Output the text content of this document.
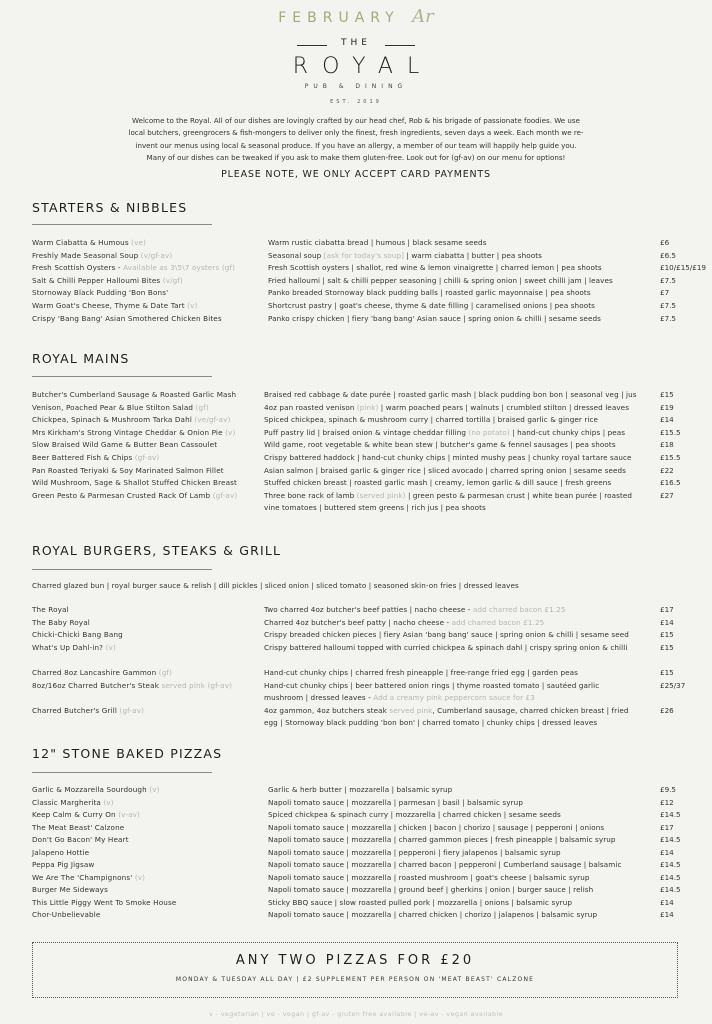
FEBRUARY Ar
THE
ROYAL
PUB & DINING
EST. 2019
Welcome to the Royal. All of our dishes are lovingly crafted by our head chef, Rob & his brigade of passionate foodies. We use local butchers, greengrocers & fish-mongers to deliver only the finest, fresh ingredients, seven days a week. Each month we re-invent our menus using local & seasonal produce. If you have an allergy, a member of our team will happily help guide you. Many of our dishes can be tweaked if you ask to make them gluten-free. Look out for (gf-av) on our menu for options!
PLEASE NOTE, WE ONLY ACCEPT CARD PAYMENTS
STARTERS & NIBBLES
Warm Ciabatta & Humous (ve)	Warm rustic ciabatta bread | humous | black sesame seeds	£6
Freshly Made Seasonal Soup (v/gf-av)	Seasonal soup [ask for today's soup] | warm ciabatta | butter | pea shoots	£6.5
Fresh Scottish Oysters - Available as 3\5\7 oysters (gf)	Fresh Scottish oysters | shallot, red wine & lemon vinaigrette | charred lemon | pea shoots	£10/£15/£19
Salt & Chilli Pepper Halloumi Bites (v/gf)	Fried halloumi | salt & chilli pepper seasoning | chilli & spring onion | sweet chilli jam | leaves	£7.5
Stornoway Black Pudding 'Bon Bons'	Panko breaded Stornoway black pudding balls | roasted garlic mayonnaise | pea shoots	£7
Warm Goat's Cheese, Thyme & Date Tart (v)	Shortcrust pastry | goat's cheese, thyme & date filling | caramelised onions | pea shoots	£7.5
Crispy 'Bang Bang' Asian Smothered Chicken Bites	Panko crispy chicken | fiery 'bang bang' Asian sauce | spring onion & chilli | sesame seeds	£7.5
ROYAL MAINS
Butcher's Cumberland Sausage & Roasted Garlic Mash	Braised red cabbage & date purée | roasted garlic mash | black pudding bon bon | seasonal veg | jus	£15
Venison, Poached Pear & Blue Stilton Salad (gf)	4oz pan roasted venison (pink) | warm poached pears | walnuts | crumbled stilton | dressed leaves	£19
Chickpea, Spinach & Mushroom Tarka Dahl (ve/gf-av)	Spiced chickpea, spinach & mushroom curry | charred tortilla | braised garlic & ginger rice	£14
Mrs Kirkham's Strong Vintage Cheddar & Onion Pie (v)	Puff pastry lid | braised onion & vintage cheddar filling (no potato) | hand-cut chunky chips | peas	£15.5
Slow Braised Wild Game & Butter Bean Cassoulet	Wild game, root vegetable & white bean stew | butcher's game & fennel sausages | pea shoots	£18
Beer Battered Fish & Chips (gf-av)	Crispy battered haddock | hand-cut chunky chips | minted mushy peas | chunky royal tartare sauce	£15.5
Pan Roasted Teriyaki & Soy Marinated Salmon Fillet	Asian salmon | braised garlic & ginger rice | sliced avocado | charred spring onion | sesame seeds	£22
Wild Mushroom, Sage & Shallot Stuffed Chicken Breast	Stuffed chicken breast | roasted garlic mash | creamy, lemon garlic & dill sauce | fresh greens	£16.5
Green Pesto & Parmesan Crusted Rack Of Lamb (gf-av)	Three bone rack of lamb (served pink) | green pesto & parmesan crust | white bean purée | roasted	£27
vine tomatoes | buttered stem greens | rich jus | pea shoots
ROYAL BURGERS, STEAKS & GRILL
Charred glazed bun | royal burger sauce & relish | dill pickles | sliced onion | sliced tomato | seasoned skin-on fries | dressed leaves
The Royal	Two charred 4oz butcher's beef patties | nacho cheese - add charred bacon £1.25	£17
The Baby Royal	Charred 4oz butcher's beef patty | nacho cheese - add charred bacon £1.25	£14
Chicki-Chicki Bang Bang	Crispy breaded chicken pieces | fiery Asian 'bang bang' sauce | spring onion & chilli | sesame seed	£15
What's Up Dahl-in? (v)	Crispy battered halloumi topped with curried chickpea & spinach dahl | crispy spring onion & chilli	£15
Charred 8oz Lancashire Gammon (gf)	Hand-cut chunky chips | charred fresh pineapple | free-range fried egg | garden peas	£15
8oz/16oz Charred Butcher's Steak served pink (gf-av)	Hand-cut chunky chips | beer battered onion rings | thyme roasted tomato | sautéed garlic	£25/37
mushroom | dressed leaves - Add a creamy pink peppercorn sauce for £3
Charred Butcher's Grill (gf-av)	4oz gammon, 4oz butchers steak served pink, Cumberland sausage, charred chicken breast | fried	£26
egg | Stornoway black pudding 'bon bon' | charred tomato | chunky chips | dressed leaves
12" STONE BAKED PIZZAS
Garlic & Mozzarella Sourdough (v)	Garlic & herb butter | mozzarella | balsamic syrup	£9.5
Classic Margherita (v)	Napoli tomato sauce | mozzarella | parmesan | basil | balsamic syrup	£12
Keep Calm & Curry On (v-av)	Spiced chickpea & spinach curry | mozzarella | charred chicken | sesame seeds	£14.5
The Meat Beast' Calzone	Napoli tomato sauce | mozzarella | chicken | bacon | chorizo | sausage | pepperoni | onions	£17
Don't Go Bacon' My Heart	Napoli tomato sauce | mozzarella | charred gammon pieces | fresh pineapple | balsamic syrup	£14.5
Jalapeno Hottie	Napoli tomato sauce | mozzarella | pepperoni | fiery jalapenos | balsamic syrup	£14
Peppa Pig Jigsaw	Napoli tomato sauce | mozzarella | charred bacon | pepperoni | Cumberland sausage | balsamic	£14.5
We Are The 'Champignons' (v)	Napoli tomato sauce | mozzarella | roasted mushroom | goat's cheese | balsamic syrup	£14.5
Burger Me Sideways	Napoli tomato sauce | mozzarella | ground beef | gherkins | onion | burger sauce | relish	£14.5
This Little Piggy Went To Smoke House	Sticky BBQ sauce | slow roasted pulled pork | mozzarella | onions | balsamic syrup	£14
Chor-Unbelievable	Napoli tomato sauce | mozzarella | charred chicken | chorizo | jalapenos | balsamic syrup	£14
ANY TWO PIZZAS FOR £20
MONDAY & TUESDAY ALL DAY | £2 SUPPLEMENT PER PERSON ON 'MEAT BEAST' CALZONE
v - vegetarian | ve - vegan | gf-av - gluten free available | ve-av - vegan available
